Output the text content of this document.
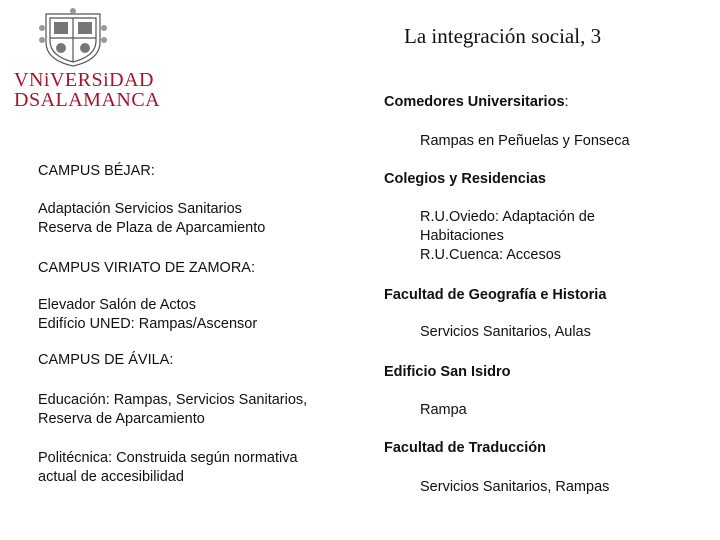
VNiVERSiDAD
DSALAMANCA
La integración social, 3
CAMPUS BÉJAR:
Adaptación Servicios Sanitarios
Reserva de Plaza de Aparcamiento
CAMPUS VIRIATO DE ZAMORA:
Elevador Salón de Actos
Edifício UNED: Rampas/Ascensor
CAMPUS DE ÁVILA:
Educación: Rampas, Servicios Sanitarios,
Reserva de Aparcamiento
Politécnica: Construida según normativa
actual de accesibilidad
Comedores Universitarios:
Rampas en Peñuelas y Fonseca
Colegios y Residencias
R.U.Oviedo: Adaptación de
Habitaciones
R.U.Cuenca: Accesos
Facultad de Geografía e Historia
Servicios Sanitarios, Aulas
Edificio San Isidro
Rampa
Facultad de Traducción
Servicios Sanitarios, Rampas
